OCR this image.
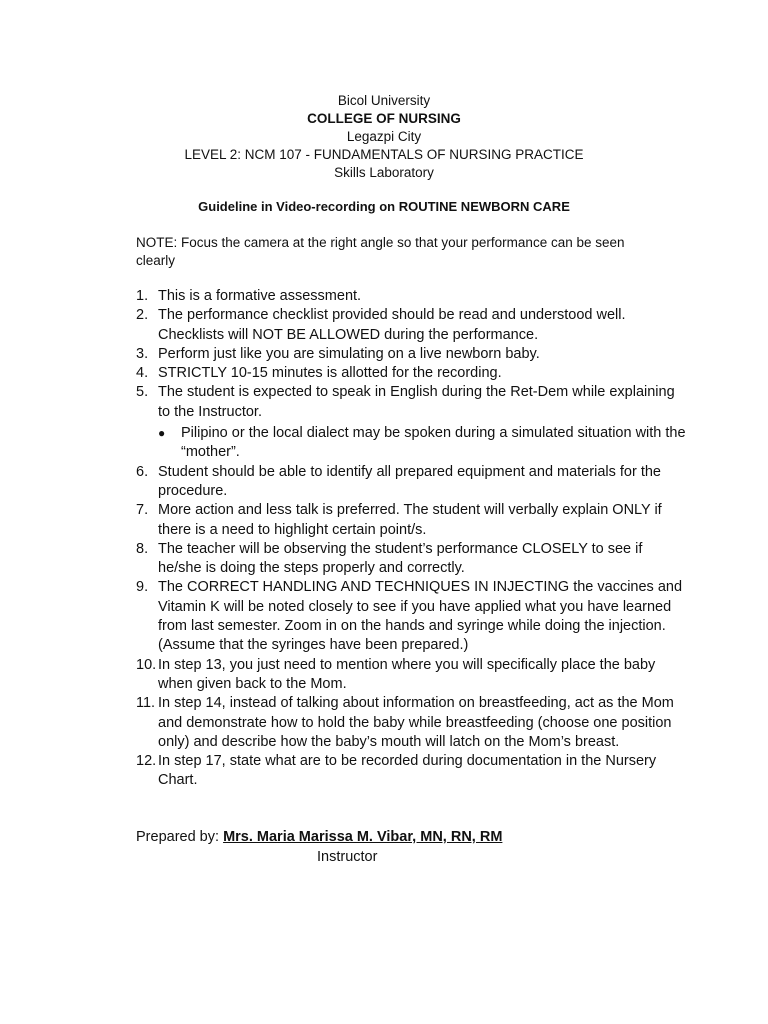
Bicol University
COLLEGE OF NURSING
Legazpi City
LEVEL 2: NCM 107 - FUNDAMENTALS OF NURSING PRACTICE
Skills Laboratory
Guideline in Video-recording on ROUTINE NEWBORN CARE
NOTE: Focus the camera at the right angle so that your performance can be seen clearly
1. This is a formative assessment.
2. The performance checklist provided should be read and understood well. Checklists will NOT BE ALLOWED during the performance.
3. Perform just like you are simulating on a live newborn baby.
4. STRICTLY 10-15 minutes is allotted for the recording.
5. The student is expected to speak in English during the Ret-Dem while explaining to the Instructor.
●	Pilipino or the local dialect may be spoken during a simulated situation with the “mother”.
6. Student should be able to identify all prepared equipment and materials for the procedure.
7. More action and less talk is preferred. The student will verbally explain ONLY if there is a need to highlight certain point/s.
8. The teacher will be observing the student’s performance CLOSELY to see if he/she is doing the steps properly and correctly.
9. The CORRECT HANDLING AND TECHNIQUES IN INJECTING the vaccines and Vitamin K will be noted closely to see if you have applied what you have learned from last semester. Zoom in on the hands and syringe while doing the injection. (Assume that the syringes have been prepared.)
10. In step 13, you just need to mention where you will specifically place the baby when given back to the Mom.
11. In step 14, instead of talking about information on breastfeeding, act as the Mom and demonstrate how to hold the baby while breastfeeding (choose one position only) and describe how the baby’s mouth will latch on the Mom’s breast.
12. In step 17, state what are to be recorded during documentation in the Nursery Chart.
Prepared by: Mrs. Maria Marissa M. Vibar, MN, RN, RM
Instructor
